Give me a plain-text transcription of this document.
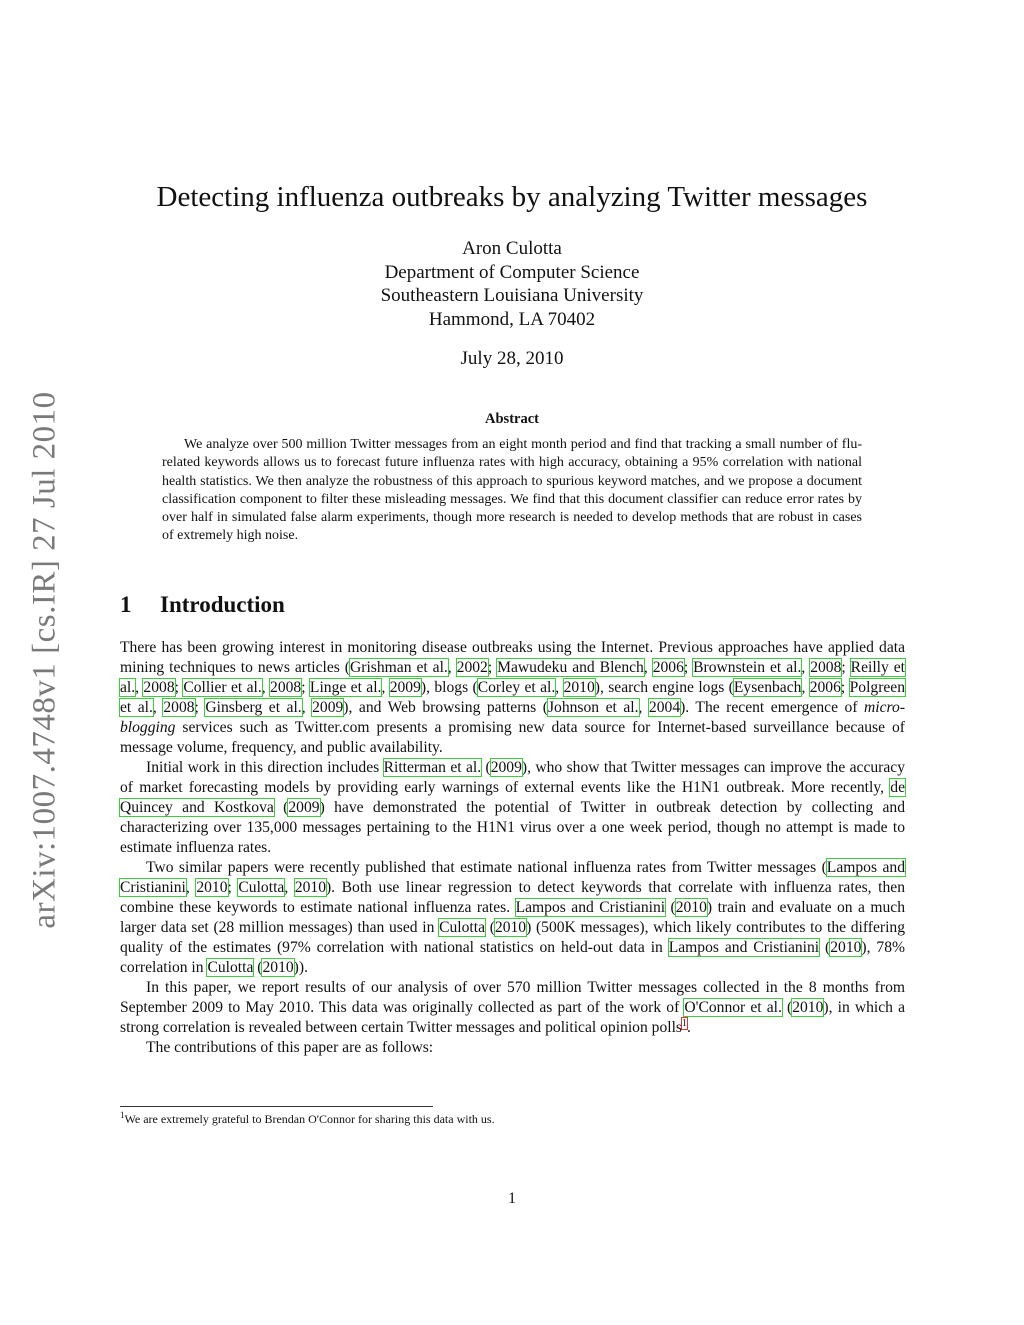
arXiv:1007.4748v1 [cs.IR] 27 Jul 2010
Detecting influenza outbreaks by analyzing Twitter messages
Aron Culotta
Department of Computer Science
Southeastern Louisiana University
Hammond, LA 70402
July 28, 2010
Abstract

We analyze over 500 million Twitter messages from an eight month period and find that tracking a small number of flu-related keywords allows us to forecast future influenza rates with high accuracy, obtaining a 95% correlation with national health statistics. We then analyze the robustness of this approach to spurious keyword matches, and we propose a document classification component to filter these misleading messages. We find that this document classifier can reduce error rates by over half in simulated false alarm experiments, though more research is needed to develop methods that are robust in cases of extremely high noise.

1 Introduction

There has been growing interest in monitoring disease outbreaks using the Internet. Previous approaches have applied data mining techniques to news articles (Grishman et al., 2002; Mawudeku and Blench, 2006; Brownstein et al., 2008; Reilly et al., 2008; Collier et al., 2008; Linge et al., 2009), blogs (Corley et al., 2010), search engine logs (Eysenbach, 2006; Polgreen et al., 2008; Ginsberg et al., 2009), and Web browsing patterns (Johnson et al., 2004). The recent emergence of micro-blogging services such as Twitter.com presents a promising new data source for Internet-based surveillance because of message volume, frequency, and public availability.

Initial work in this direction includes Ritterman et al. (2009), who show that Twitter messages can improve the accuracy of market forecasting models by providing early warnings of external events like the H1N1 outbreak. More recently, de Quincey and Kostkova (2009) have demonstrated the potential of Twitter in outbreak detection by collecting and characterizing over 135,000 messages pertaining to the H1N1 virus over a one week period, though no attempt is made to estimate influenza rates.

Two similar papers were recently published that estimate national influenza rates from Twitter messages (Lampos and Cristianini, 2010; Culotta, 2010). Both use linear regression to detect keywords that correlate with influenza rates, then combine these keywords to estimate national influenza rates. Lampos and Cristianini (2010) train and evaluate on a much larger data set (28 million messages) than used in Culotta (2010) (500K messages), which likely contributes to the differing quality of the estimates (97% correlation with national statistics on held-out data in Lampos and Cristianini (2010), 78% correlation in Culotta (2010)).

In this paper, we report results of our analysis of over 570 million Twitter messages collected in the 8 months from September 2009 to May 2010. This data was originally collected as part of the work of O'Connor et al. (2010), in which a strong correlation is revealed between certain Twitter messages and political opinion polls$^1$.

The contributions of this paper are as follows:

$^1$We are extremely grateful to Brendan O'Connor for sharing this data with us.
1
